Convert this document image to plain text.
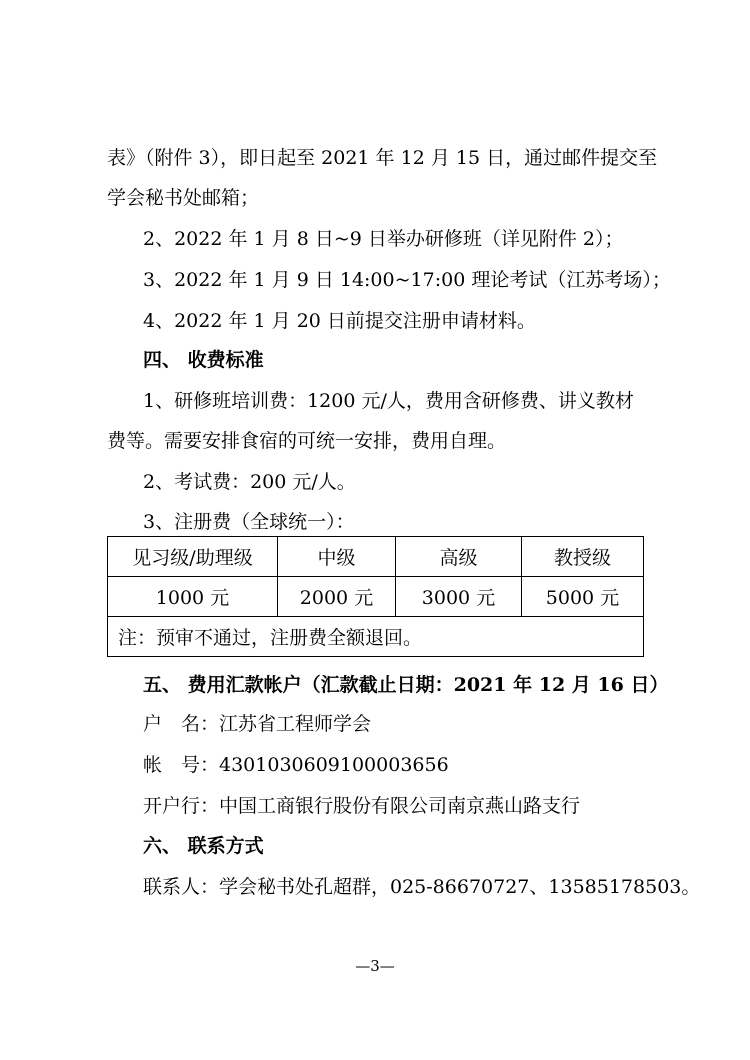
表》（附件 3），即日起至 2021 年 12 月 15 日，通过邮件提交至
学会秘书处邮箱；
2、2022 年 1 月 8 日~9 日举办研修班（详见附件 2）；
3、2022 年 1 月 9 日 14:00~17:00 理论考试（江苏考场）；
4、2022 年 1 月 20 日前提交注册申请材料。
四、 收费标准
1、研修班培训费：1200 元/人，费用含研修费、讲义教材
费等。需要安排食宿的可统一安排，费用自理。
2、考试费：200 元/人。
3、注册费（全球统一）：
见习级/助理级	中级	高级	教授级
1000 元	2000 元	3000 元	5000 元
注：预审不通过，注册费全额退回。			
五、 费用汇款帐户（汇款截止日期：2021 年 12 月 16 日）
户　名：江苏省工程师学会
帐　号：4301030609100003656
开户行：中国工商银行股份有限公司南京燕山路支行
六、 联系方式
联系人：学会秘书处孔超群，025-86670727、13585178503。
—3—
